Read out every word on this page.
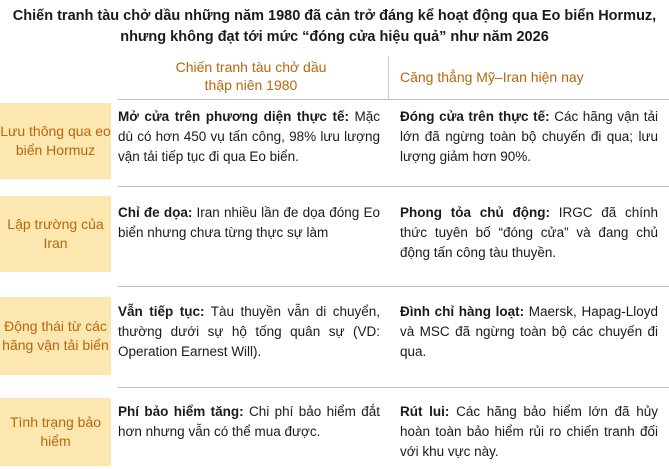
Chiến tranh tàu chở dầu những năm 1980 đã cản trở đáng kể hoạt động qua Eo biển Hormuz,
nhưng không đạt tới mức “đóng cửa hiệu quả” như năm 2026
Chiến tranh tàu chở dầu
thập niên 1980	Căng thẳng Mỹ–Iran hiện nay
Lưu thông qua eo biển Hormuz
Mở cửa trên phương diện thực tế: Mặc dù có hơn 450 vụ tấn công, 98% lưu lượng vận tải tiếp tục đi qua Eo biển.
Đóng cửa trên thực tế: Các hãng vận tải lớn đã ngừng toàn bộ chuyến đi qua; lưu lượng giảm hơn 90%.
Lập trường của Iran
Chỉ đe dọa: Iran nhiều lần đe dọa đóng Eo biển nhưng chưa từng thực sự làm
Phong tỏa chủ động: IRGC đã chính thức tuyên bố “đóng cửa” và đang chủ động tấn công tàu thuyền.
Động thái từ các hãng vận tải biển
Vẫn tiếp tục: Tàu thuyền vẫn di chuyển, thường dưới sự hộ tống quân sự (VD: Operation Earnest Will).
Đình chỉ hàng loạt: Maersk, Hapag-Lloyd và MSC đã ngừng toàn bộ các chuyến đi qua.
Tình trạng bảo hiểm
Phí bảo hiểm tăng: Chi phí bảo hiểm đắt hơn nhưng vẫn có thể mua được.
Rút lui: Các hãng bảo hiểm lớn đã hủy hoàn toàn bảo hiểm rủi ro chiến tranh đối với khu vực này.
